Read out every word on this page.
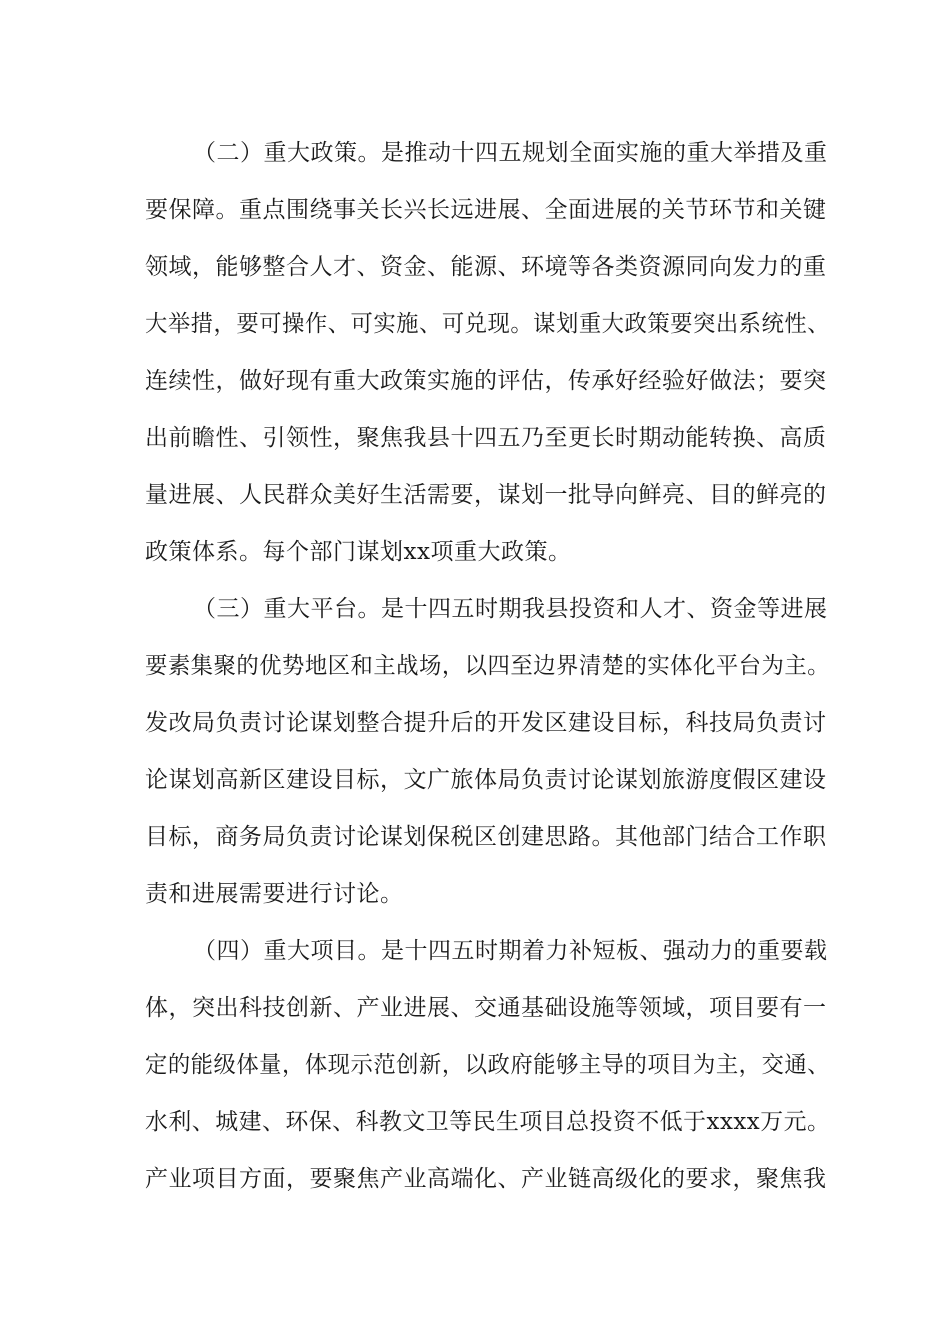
（二）重大政策。是推动十四五规划全面实施的重大举措及重
要保障。重点围绕事关长兴长远进展、全面进展的关节环节和关键
领域，能够整合人才、资金、能源、环境等各类资源同向发力的重
大举措，要可操作、可实施、可兑现。谋划重大政策要突出系统性、
连续性，做好现有重大政策实施的评估，传承好经验好做法；要突
出前瞻性、引领性，聚焦我县十四五乃至更长时期动能转换、高质
量进展、人民群众美好生活需要，谋划一批导向鲜亮、目的鲜亮的
政策体系。每个部门谋划xx项重大政策。
（三）重大平台。是十四五时期我县投资和人才、资金等进展
要素集聚的优势地区和主战场，以四至边界清楚的实体化平台为主。
发改局负责讨论谋划整合提升后的开发区建设目标，科技局负责讨
论谋划高新区建设目标，文广旅体局负责讨论谋划旅游度假区建设
目标，商务局负责讨论谋划保税区创建思路。其他部门结合工作职
责和进展需要进行讨论。
（四）重大项目。是十四五时期着力补短板、强动力的重要载
体，突出科技创新、产业进展、交通基础设施等领域，项目要有一
定的能级体量，体现示范创新，以政府能够主导的项目为主，交通、
水利、城建、环保、科教文卫等民生项目总投资不低于xxxx万元。
产业项目方面，要聚焦产业高端化、产业链高级化的要求，聚焦我
